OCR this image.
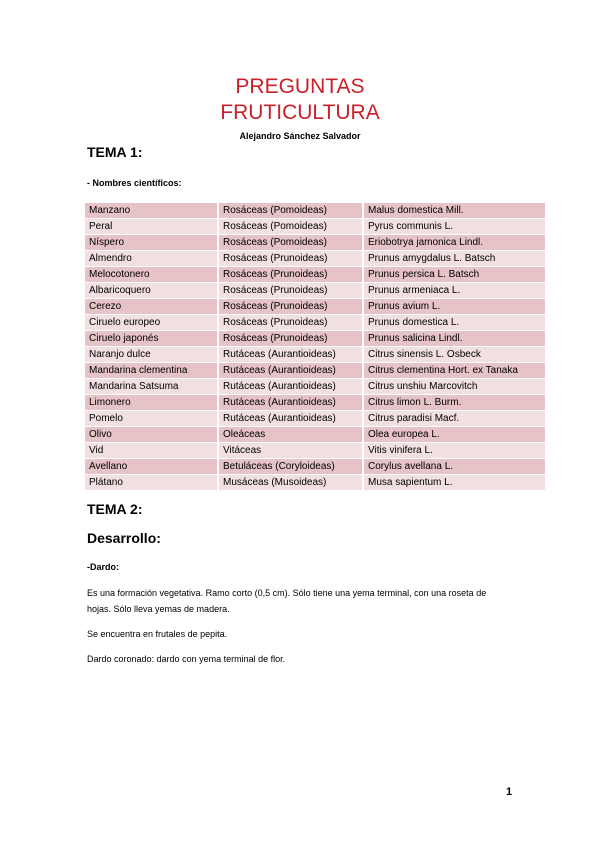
PREGUNTAS
FRUTICULTURA
Alejandro Sánchez Salvador
TEMA 1:
- Nombres científicos:
Manzano	Rosáceas (Pomoideas)	Malus domestica Mill.
Peral	Rosáceas (Pomoideas)	Pyrus communis L.
Níspero	Rosáceas (Pomoideas)	Eriobotrya jamonica Lindl.
Almendro	Rosáceas (Prunoideas)	Prunus amygdalus L. Batsch
Melocotonero	Rosáceas (Prunoideas)	Prunus persica L. Batsch
Albaricoquero	Rosáceas (Prunoideas)	Prunus armeniaca L.
Cerezo	Rosáceas (Prunoideas)	Prunus avium L.
Ciruelo europeo	Rosáceas (Prunoideas)	Prunus domestica L.
Ciruelo japonés	Rosáceas (Prunoideas)	Prunus salicina Lindl.
Naranjo dulce	Rutáceas (Aurantioideas)	Citrus sinensis L. Osbeck
Mandarina clementina	Rutáceas (Aurantioideas)	Citrus clementina Hort. ex Tanaka
Mandarina Satsuma	Rutáceas (Aurantioideas)	Citrus unshiu Marcovitch
Limonero	Rutáceas (Aurantioideas)	Citrus limon L. Burm.
Pomelo	Rutáceas (Aurantioideas)	Citrus paradisi Macf.
Olivo	Oleáceas	Olea europea L.
Vid	Vitáceas	Vitis vinifera L.
Avellano	Betuláceas (Coryloideas)	Corylus avellana L.
Plátano	Musáceas (Musoideas)	Musa sapientum L.
TEMA 2:
Desarrollo:
-Dardo:
Es una formación vegetativa. Ramo corto (0,5 cm). Sólo tiene una yema terminal, con una roseta de hojas. Sólo lleva yemas de madera.
Se encuentra en frutales de pepita.
Dardo coronado: dardo con yema terminal de flor.
1
